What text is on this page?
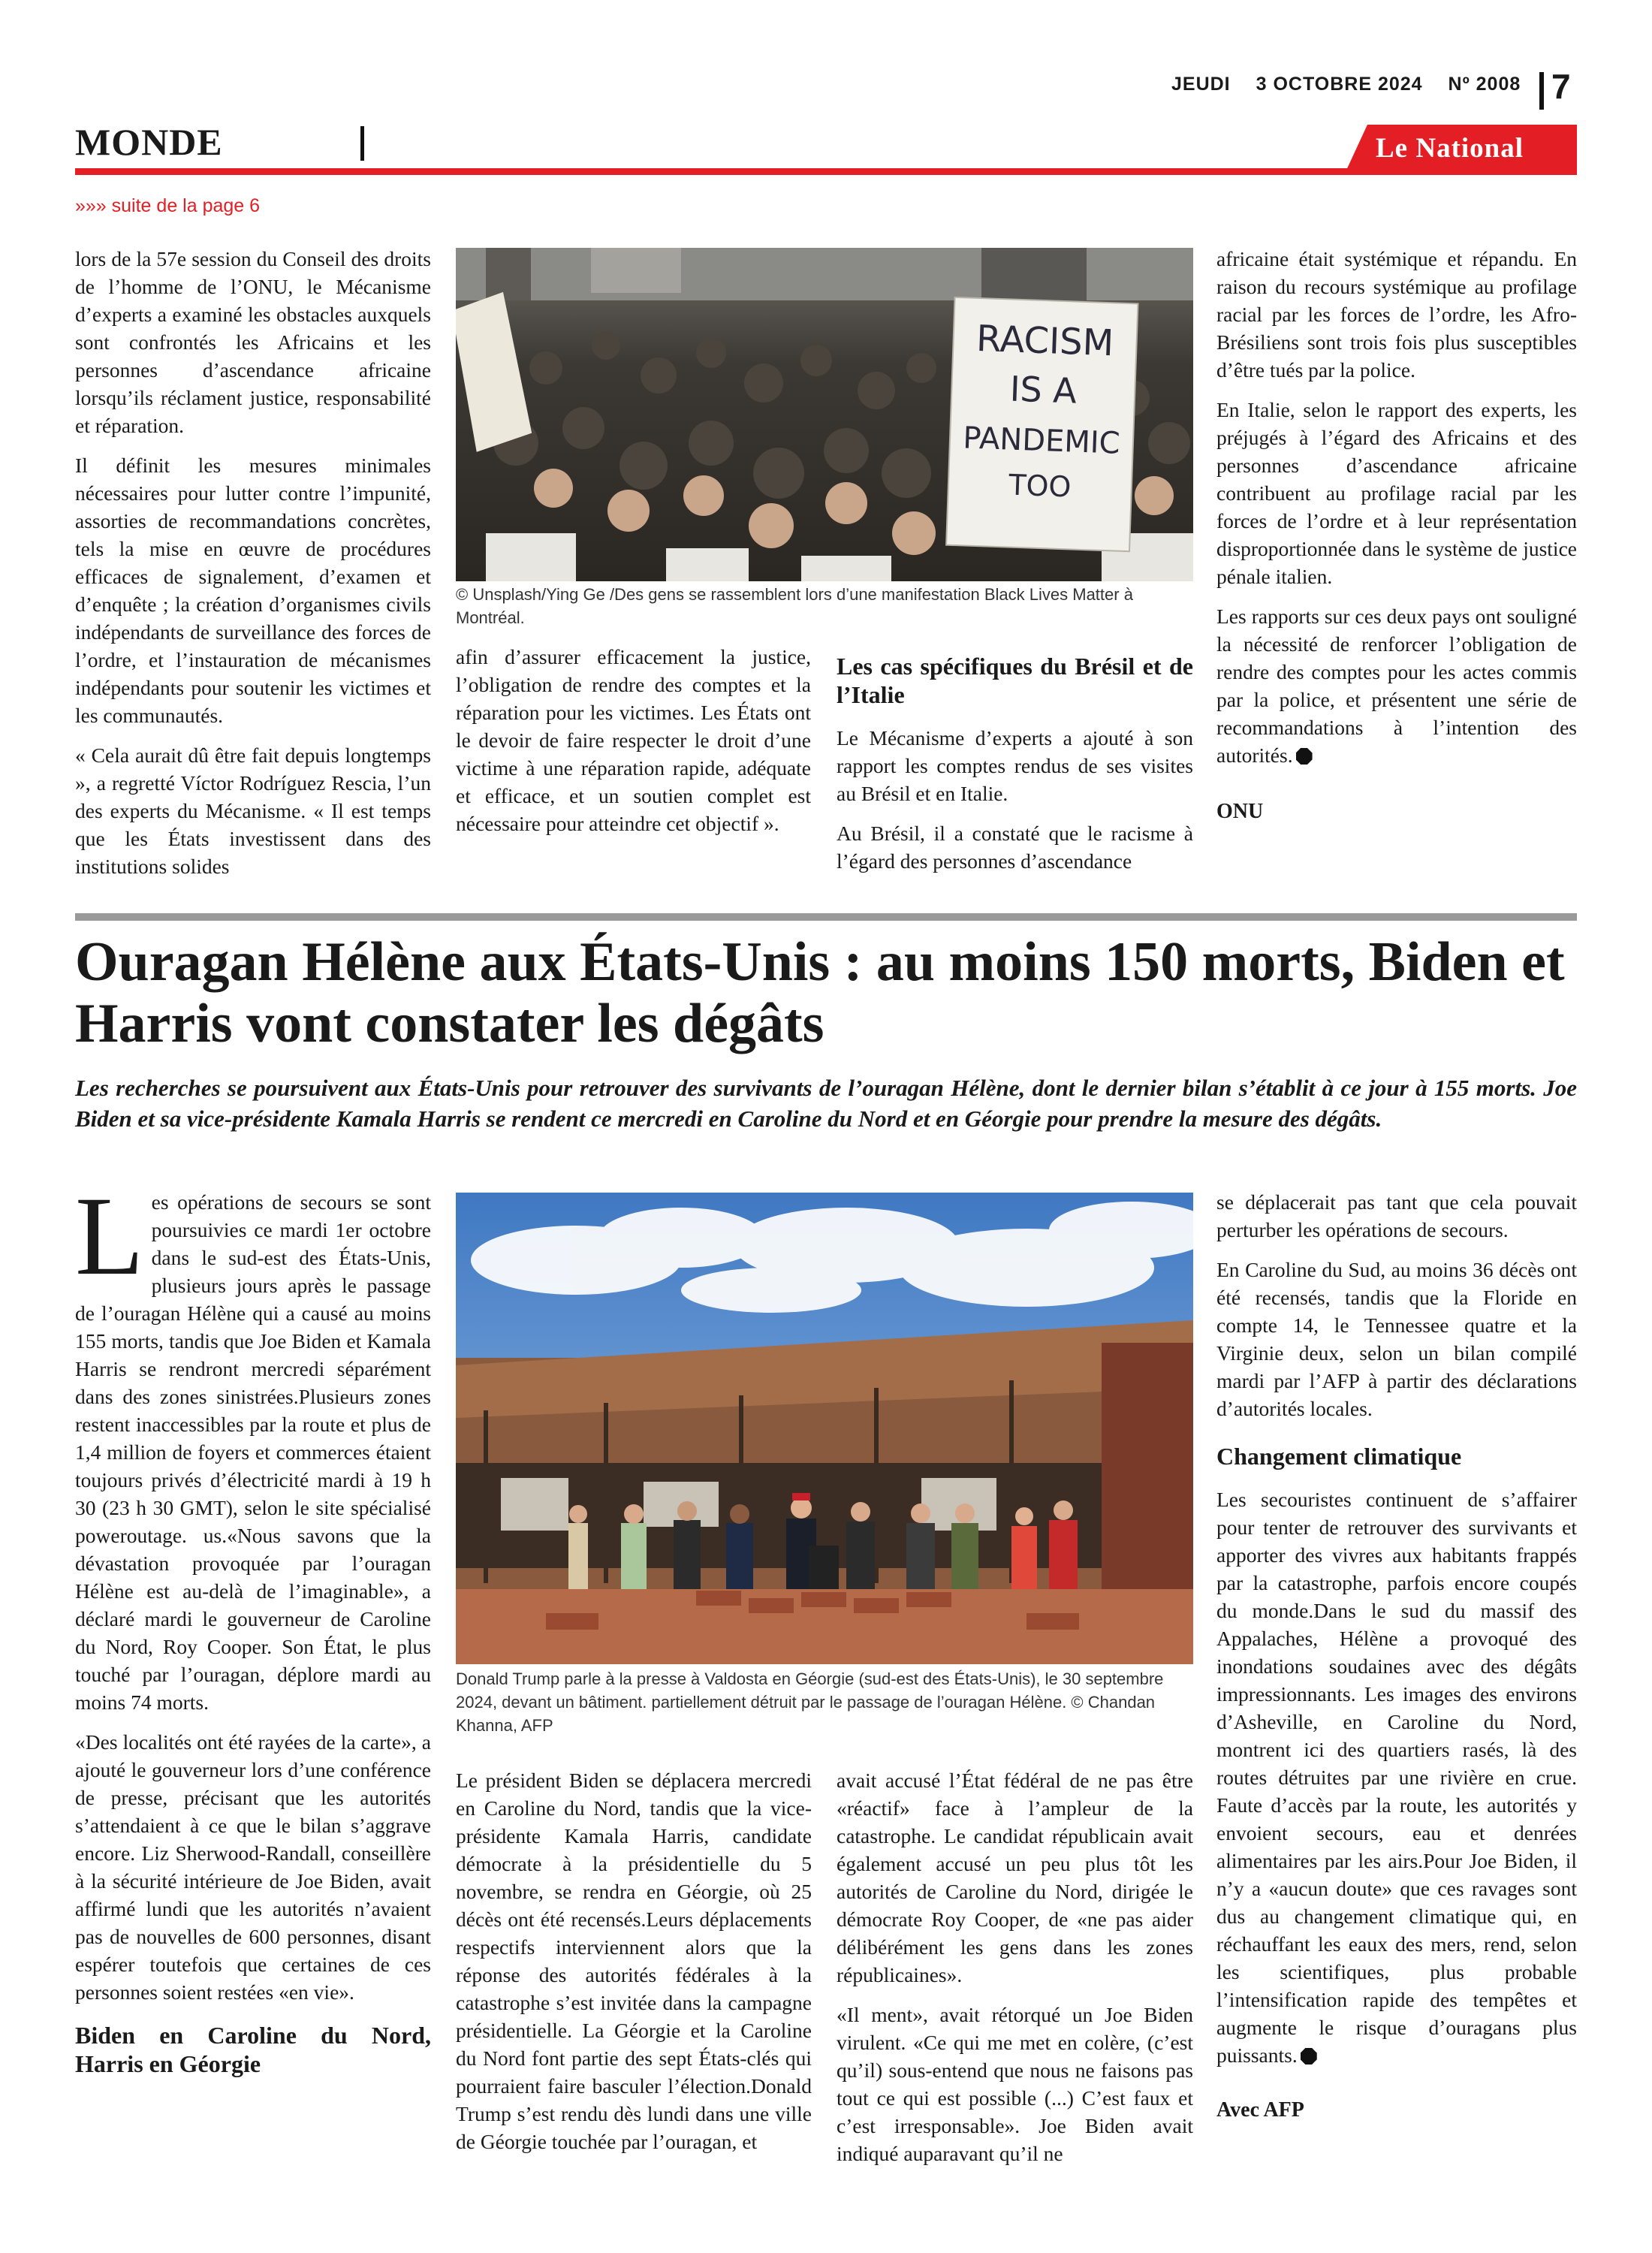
JEUDI 3 OCTOBRE 2024 Nº 2008 7
MONDE	Le National
»»» suite de la page 6

lors de la 57e session du Conseil des droits de l’homme de l’ONU, le Mécanisme d’experts a examiné les obstacles auxquels sont confrontés les Africains et les personnes d’ascendance africaine lorsqu’ils réclament justice, responsabilité et réparation.

Il définit les mesures minimales nécessaires pour lutter contre l’impunité, assorties de recommandations concrètes, tels la mise en œuvre de procédures efficaces de signalement, d’examen et d’enquête ; la création d’organismes civils indépendants de surveillance des forces de l’ordre, et l’instauration de mécanismes indépendants pour soutenir les victimes et les communautés.

« Cela aurait dû être fait depuis longtemps », a regretté Víctor Rodríguez Rescia, l’un des experts du Mécanisme. « Il est temps que les États investissent dans des institutions solides

RACISM
IS A
PANDEMIC
TOO
© Unsplash/Ying Ge /Des gens se rassemblent lors d’une manifestation Black Lives Matter à Montréal.

afin d’assurer efficacement la justice, l’obligation de rendre des comptes et la réparation pour les victimes. Les États ont le devoir de faire respecter le droit d’une victime à une réparation rapide, adéquate et efficace, et un soutien complet est nécessaire pour atteindre cet objectif ».

Les cas spécifiques du Brésil et de l’Italie

Le Mécanisme d’experts a ajouté à son rapport les comptes rendus de ses visites au Brésil et en Italie.

Au Brésil, il a constaté que le racisme à l’égard des personnes d’ascendance

africaine était systémique et répandu. En raison du recours systémique au profilage racial par les forces de l’ordre, les Afro-Brésiliens sont trois fois plus susceptibles d’être tués par la police.

En Italie, selon le rapport des experts, les préjugés à l’égard des Africains et des personnes d’ascendance africaine contribuent au profilage racial par les forces de l’ordre et à leur représentation disproportionnée dans le système de justice pénale italien.

Les rapports sur ces deux pays ont souligné la nécessité de renforcer l’obligation de rendre des comptes pour les actes commis par la police, et présentent une série de recommandations à l’intention des autorités.

ONU

Ouragan Hélène aux États-Unis : au moins 150 morts, Biden et Harris vont constater les dégâts
Les recherches se poursuivent aux États-Unis pour retrouver des survivants de l’ouragan Hélène, dont le dernier bilan s’établit à ce jour à 155 morts. Joe Biden et sa vice-présidente Kamala Harris se rendent ce mercredi en Caroline du Nord et en Géorgie pour prendre la mesure des dégâts.

Les opérations de secours se sont poursuivies ce mardi 1er octobre dans le sud-est des États-Unis, plusieurs jours après le passage de l’ouragan Hélène qui a causé au moins 155 morts, tandis que Joe Biden et Kamala Harris se rendront mercredi séparément dans des zones sinistrées.Plusieurs zones restent inaccessibles par la route et plus de 1,4 million de foyers et commerces étaient toujours privés d’électricité mardi à 19 h 30 (23 h 30 GMT), selon le site spécialisé poweroutage. us.«Nous savons que la dévastation provoquée par l’ouragan Hélène est au-delà de l’imaginable», a déclaré mardi le gouverneur de Caroline du Nord, Roy Cooper. Son État, le plus touché par l’ouragan, déplore mardi au moins 74 morts.

«Des localités ont été rayées de la carte», a ajouté le gouverneur lors d’une conférence de presse, précisant que les autorités s’attendaient à ce que le bilan s’aggrave encore. Liz Sherwood-Randall, conseillère à la sécurité intérieure de Joe Biden, avait affirmé lundi que les autorités n’avaient pas de nouvelles de 600 personnes, disant espérer toutefois que certaines de ces personnes soient restées «en vie».

Biden en Caroline du Nord, Harris en Géorgie
Donald Trump parle à la presse à Valdosta en Géorgie (sud-est des États-Unis), le 30 septembre 2024, devant un bâtiment. partiellement détruit par le passage de l’ouragan Hélène. © Chandan Khanna, AFP

Le président Biden se déplacera mercredi en Caroline du Nord, tandis que la vice-présidente Kamala Harris, candidate démocrate à la présidentielle du 5 novembre, se rendra en Géorgie, où 25 décès ont été recensés.Leurs déplacements respectifs interviennent alors que la réponse des autorités fédérales à la catastrophe s’est invitée dans la campagne présidentielle. La Géorgie et la Caroline du Nord font partie des sept États-clés qui pourraient faire basculer l’élection.Donald Trump s’est rendu dès lundi dans une ville de Géorgie touchée par l’ouragan, et

avait accusé l’État fédéral de ne pas être «réactif» face à l’ampleur de la catastrophe. Le candidat républicain avait également accusé un peu plus tôt les autorités de Caroline du Nord, dirigée le démocrate Roy Cooper, de «ne pas aider délibérément les gens dans les zones républicaines».

«Il ment», avait rétorqué un Joe Biden virulent. «Ce qui me met en colère, (c’est qu’il) sous-entend que nous ne faisons pas tout ce qui est possible (...) C’est faux et c’est irresponsable». Joe Biden avait indiqué auparavant qu’il ne

se déplacerait pas tant que cela pouvait perturber les opérations de secours.

En Caroline du Sud, au moins 36 décès ont été recensés, tandis que la Floride en compte 14, le Tennessee quatre et la Virginie deux, selon un bilan compilé mardi par l’AFP à partir des déclarations d’autorités locales.

Changement climatique

Les secouristes continuent de s’affairer pour tenter de retrouver des survivants et apporter des vivres aux habitants frappés par la catastrophe, parfois encore coupés du monde.Dans le sud du massif des Appalaches, Hélène a provoqué des inondations soudaines avec des dégâts impressionnants. Les images des environs d’Asheville, en Caroline du Nord, montrent ici des quartiers rasés, là des routes détruites par une rivière en crue. Faute d’accès par la route, les autorités y envoient secours, eau et denrées alimentaires par les airs.Pour Joe Biden, il n’y a «aucun doute» que ces ravages sont dus au changement climatique qui, en réchauffant les eaux des mers, rend, selon les scientifiques, plus probable l’intensification rapide des tempêtes et augmente le risque d’ouragans plus puissants.

Avec AFP
